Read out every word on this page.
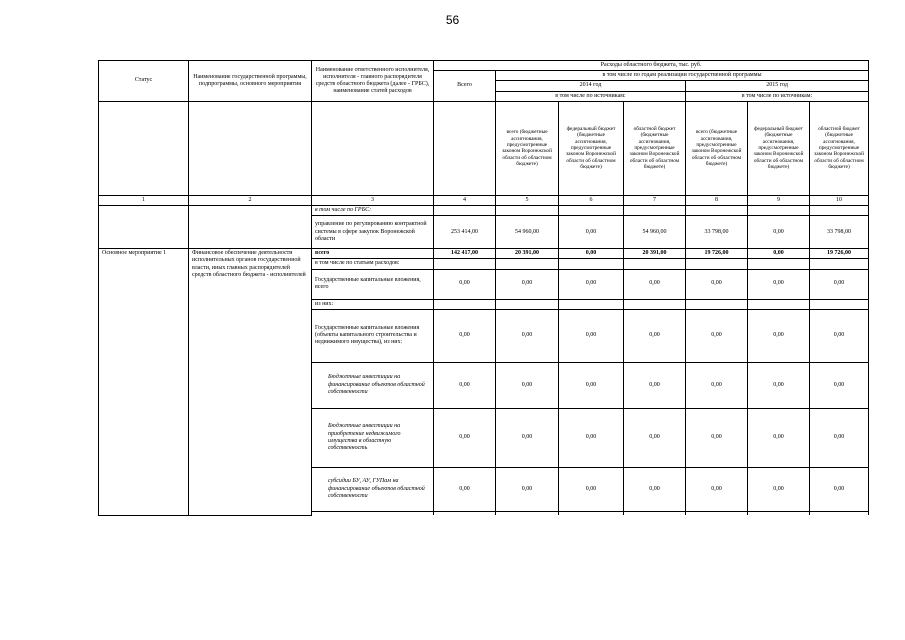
56
Статус	Наименование государственной программы, подпрограммы, основного мероприятия	Наименование ответственного исполнителя, исполнителя - главного распорядителя средств областного бюджета (далее - ГРБС), наименование статей расходов	Расходы областного бюджета, тыс. руб.						
			Всего	в том числе по годам реализации государственной программы					
				2014 год			2015 год		
				в том числе по источникам:			в том числе по источникам:		
				всего (бюджетные ассигнования, предусмотренные законом Воронежской области об областном бюджете)	федеральный бюджет (бюджетные ассигнования, предусмотренные законом Воронежской области об областном бюджете)	областной бюджет (бюджетные ассигнования, предусмотренные законом Воронежской области об областном бюджете)	всего (бюджетные ассигнования, предусмотренные законом Воронежской области об областном бюджете)	федеральный бюджет (бюджетные ассигнования, предусмотренные законом Воронежской области об областном бюджете)	областной бюджет (бюджетные ассигнования, предусмотренные законом Воронежской области об областном бюджете)
1	2	3	4	5	6	7	8	9	10
		в том числе по ГРБС:							
		управление по регулированию контрактной системы в сфере закупок Воронежской области	253 414,00	54 960,00	0,00	54 960,00	33 798,00	0,00	33 798,00
Основное мероприятие 1	Финансовое обеспечение деятельности исполнительных органов государственной власти, иных главных распорядителей средств областного бюджета - исполнителей	всего	142 417,00	20 391,00	0,00	20 391,00	19 726,00	0,00	19 726,00
		в том числе по статьям расходов:							
		Государственные капитальные вложения, всего	0,00	0,00	0,00	0,00	0,00	0,00	0,00
		из них:							
		Государственные капитальные вложения (объекты капитального строительства и недвижимого имущества), из них:	0,00	0,00	0,00	0,00	0,00	0,00	0,00
		Бюджетные инвестиции на финансирование объектов областной собственности	0,00	0,00	0,00	0,00	0,00	0,00	0,00
		Бюджетные инвестиции на приобретение недвижимого имущества в областную собственность	0,00	0,00	0,00	0,00	0,00	0,00	0,00
		субсидии БУ, АУ, ГУПам на финансирование объектов областной собственности	0,00	0,00	0,00	0,00	0,00	0,00	0,00
